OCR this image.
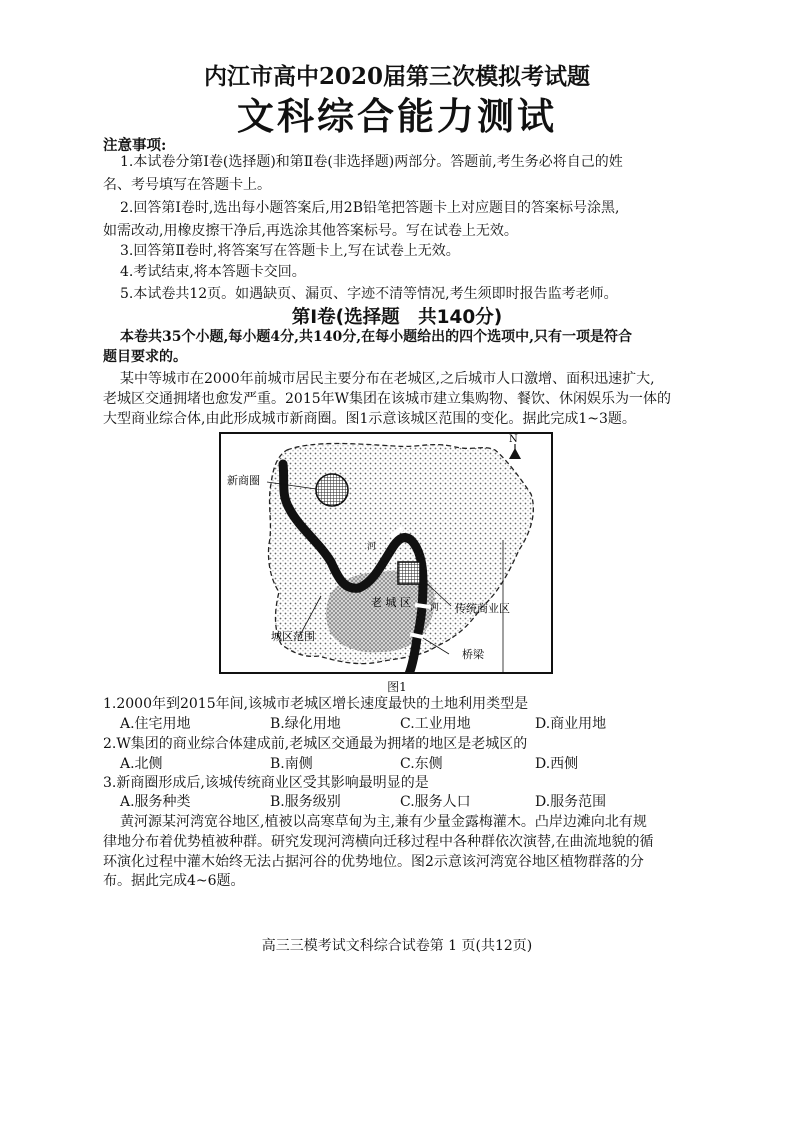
内江市高中2020届第三次模拟考试题
文科综合能力测试
注意事项:
1.本试卷分第Ⅰ卷(选择题)和第Ⅱ卷(非选择题)两部分。答题前,考生务必将自己的姓
名、考号填写在答题卡上。
2.回答第Ⅰ卷时,选出每小题答案后,用2B铅笔把答题卡上对应题目的答案标号涂黑,
如需改动,用橡皮擦干净后,再选涂其他答案标号。写在试卷上无效。
3.回答第Ⅱ卷时,将答案写在答题卡上,写在试卷上无效。
4.考试结束,将本答题卡交回。
5.本试卷共12页。如遇缺页、漏页、字迹不清等情况,考生须即时报告监考老师。
第Ⅰ卷(选择题　共140分)
本卷共35个小题,每小题4分,共140分,在每小题给出的四个选项中,只有一项是符合
题目要求的。
某中等城市在2000年前城市居民主要分布在老城区,之后城市人口激增、面积迅速扩大,
老城区交通拥堵也愈发严重。2015年W集团在该城市建立集购物、餐饮、休闲娱乐为一体的
大型商业综合体,由此形成城市新商圈。图1示意该城区范围的变化。据此完成1~3题。
N
新商圈
河
河
老 城 区	传统商业区
城区范围
桥梁
图1
1.2000年到2015年间,该城市老城区增长速度最快的土地利用类型是
A.住宅用地	B.绿化用地	C.工业用地	D.商业用地
2.W集团的商业综合体建成前,老城区交通最为拥堵的地区是老城区的
A.北侧	B.南侧	C.东侧	D.西侧
3.新商圈形成后,该城传统商业区受其影响最明显的是
A.服务种类	B.服务级别	C.服务人口	D.服务范围
黄河源某河湾宽谷地区,植被以高寒草甸为主,兼有少量金露梅灌木。凸岸边滩向北有规
律地分布着优势植被种群。研究发现河湾横向迁移过程中各种群依次演替,在曲流地貌的循
环演化过程中灌木始终无法占据河谷的优势地位。图2示意该河湾宽谷地区植物群落的分
布。据此完成4~6题。
高三三模考试文科综合试卷第 1 页(共12页)
